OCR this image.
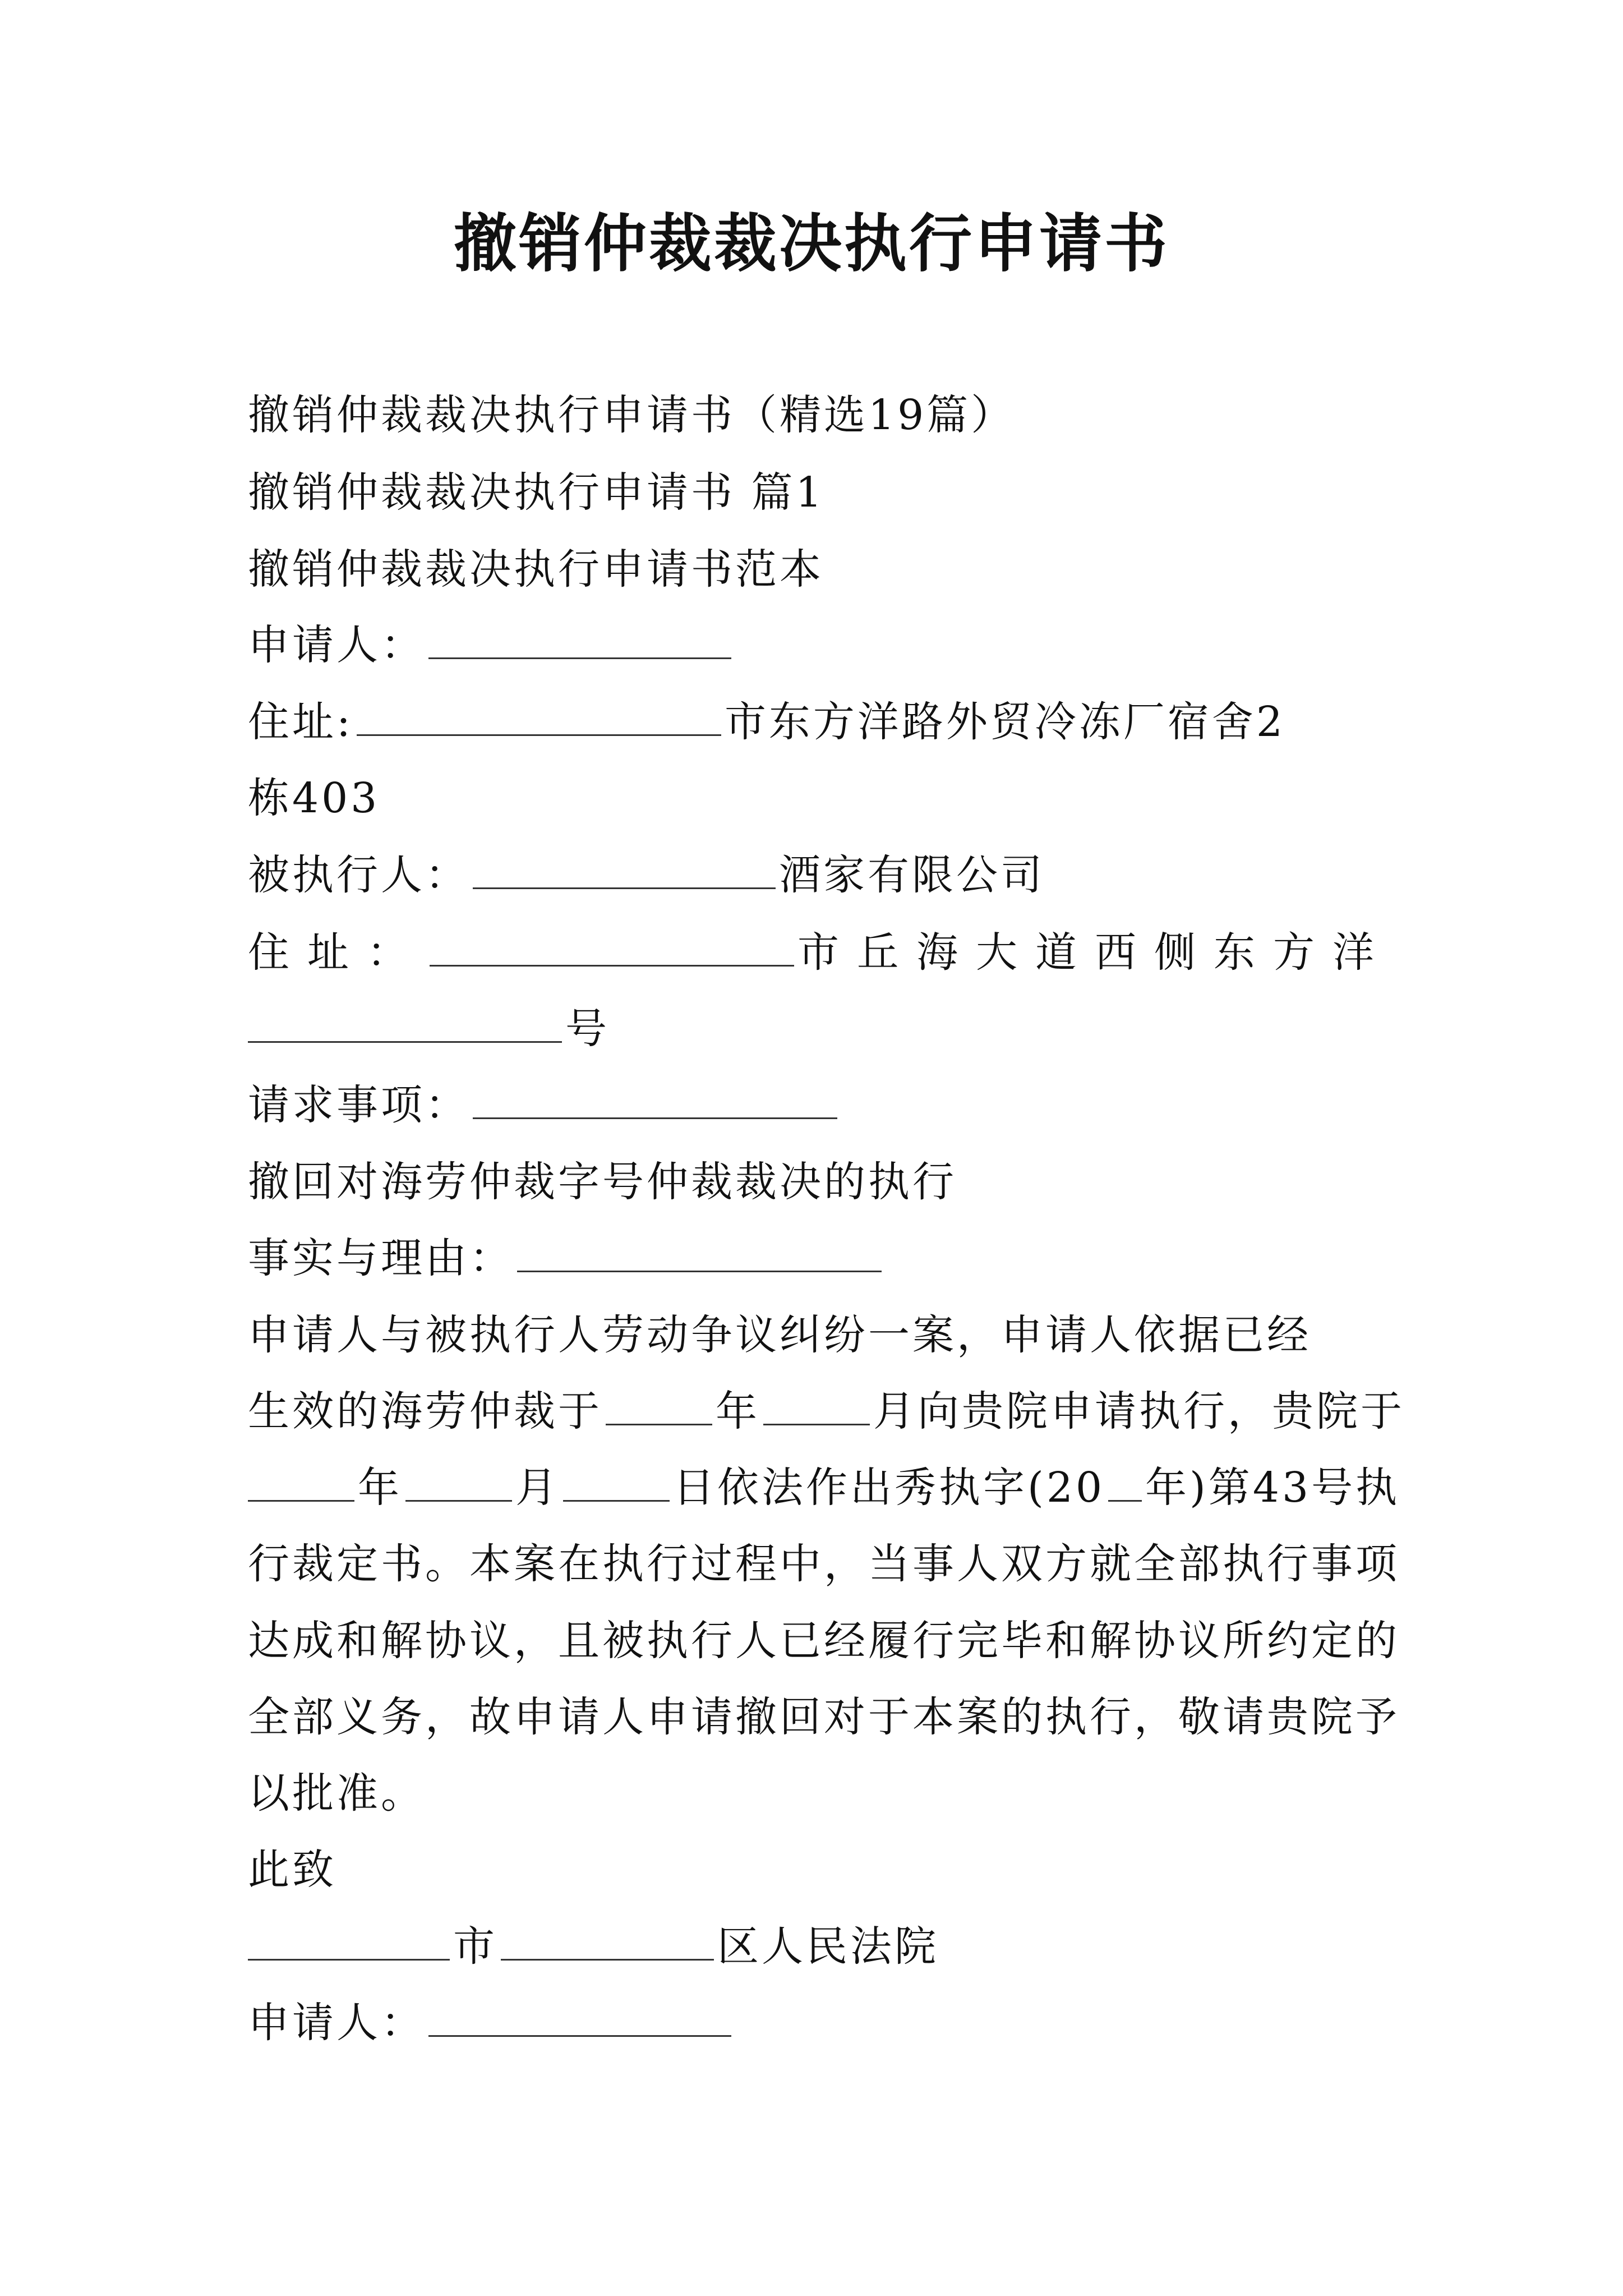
撤销仲裁裁决执行申请书
撤销仲裁裁决执行申请书（精选19篇）
撤销仲裁裁决执行申请书 篇1
撤销仲裁裁决执行申请书范本
申请人：
住址:	市东方洋路外贸冷冻厂宿舍2
栋403
被执行人：	酒家有限公司
住址：	市丘海大道西侧东方洋
号
请求事项：
撤回对海劳仲裁字号仲裁裁决的执行
事实与理由：
申请人与被执行人劳动争议纠纷一案，申请人依据已经
生效的海劳仲裁于	年	月向贵院申请执行，贵院于
年	月	日依法作出秀执字(20 年)第43号执
行裁定书。本案在执行过程中，当事人双方就全部执行事项
达成和解协议，且被执行人已经履行完毕和解协议所约定的
全部义务，故申请人申请撤回对于本案的执行，敬请贵院予
以批准。
此致
市	区人民法院
申请人：
